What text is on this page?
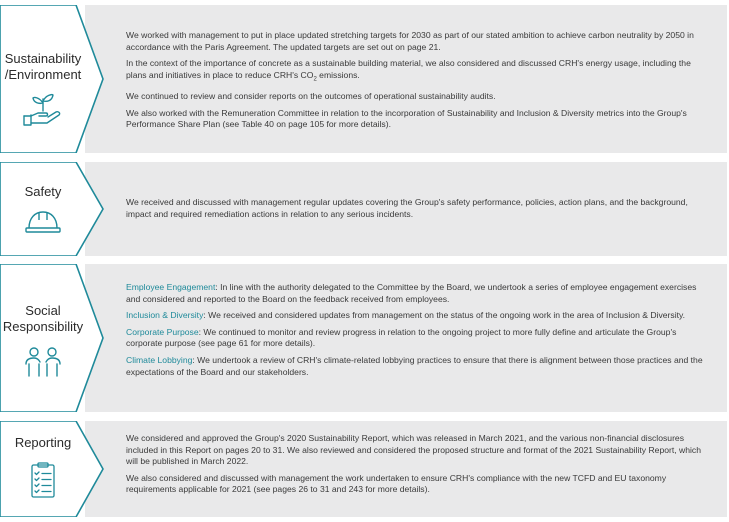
Sustainability
/Environment

We worked with management to put in place updated stretching targets for 2030 as part of our stated ambition to achieve carbon neutrality by 2050 in accordance with the Paris Agreement. The updated targets are set out on page 21.

In the context of the importance of concrete as a sustainable building material, we also considered and discussed CRH's energy usage, including the plans and initiatives in place to reduce CRH's $CO_2$ emissions.

We continued to review and consider reports on the outcomes of operational sustainability audits.

We also worked with the Remuneration Committee in relation to the incorporation of Sustainability and Inclusion & Diversity metrics into the Group's Performance Share Plan (see Table 40 on page 105 for more details).

Safety

We received and discussed with management regular updates covering the Group's safety performance, policies, action plans, and the background, impact and required remediation actions in relation to any serious incidents.

Social
Responsibility

Employee Engagement: In line with the authority delegated to the Committee by the Board, we undertook a series of employee engagement exercises and considered and reported to the Board on the feedback received from employees.

Inclusion & Diversity: We received and considered updates from management on the status of the ongoing work in the area of Inclusion & Diversity.

Corporate Purpose: We continued to monitor and review progress in relation to the ongoing project to more fully define and articulate the Group's corporate purpose (see page 61 for more details).

Climate Lobbying: We undertook a review of CRH's climate-related lobbying practices to ensure that there is alignment between those practices and the expectations of the Board and our stakeholders.

Reporting	We considered and approved the Group's 2020 Sustainability Report, which was released in March 2021, and the various non-financial disclosures included in this Report on pages 20 to 31. We also reviewed and considered the proposed structure and format of the 2021 Sustainability Report, which will be published in March 2022.

We also considered and discussed with management the work undertaken to ensure CRH's compliance with the new TCFD and EU taxonomy requirements applicable for 2021 (see pages 26 to 31 and 243 for more details).
